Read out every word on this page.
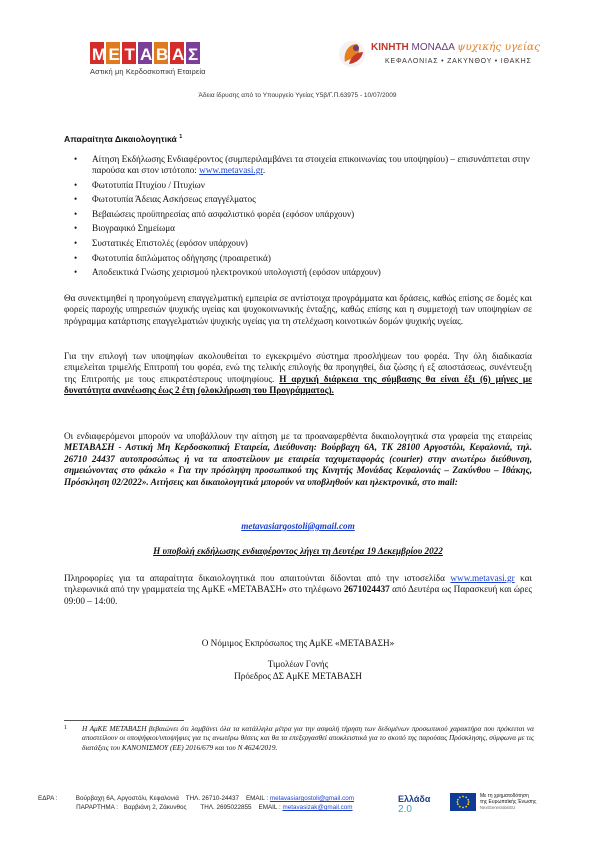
Μ Ε Τ Α Β Α Σ
Αστική μη Κερδοσκοπική Εταιρεία
ΚΙΝΗΤΗ ΜΟΝΑΔΑ ψυχικής υγείας
ΚΕΦΑΛΟΝΙΑΣ • ΖΑΚΥΝΘΟΥ • ΙΘΑΚΗΣ
Άδεια ίδρυσης από το Υπουργείο Υγείας Υ5β/Γ.Π.63975 - 10/07/2009
Απαραίτητα Δικαιολογητικά $^1$
• Αίτηση Εκδήλωσης Ενδιαφέροντος (συμπεριλαμβάνει τα στοιχεία επικοινωνίας του υποψηφίου) – επισυνάπτεται στην παρούσα και στον ιστότοπο: www.metavasi.gr.
• Φωτοτυπία Πτυχίου / Πτυχίων
• Φωτοτυπία Άδειας Ασκήσεως επαγγέλματος
• Βεβαιώσεις προϋπηρεσίας από ασφαλιστικό φορέα (εφόσον υπάρχουν)
• Βιογραφικό Σημείωμα
• Συστατικές Επιστολές (εφόσον υπάρχουν)
• Φωτοτυπία διπλώματος οδήγησης (προαιρετικά)
• Αποδεικτικά Γνώσης χειρισμού ηλεκτρονικού υπολογιστή (εφόσον υπάρχουν)
Θα συνεκτιμηθεί η προηγούμενη επαγγελματική εμπειρία σε αντίστοιχα προγράμματα και δράσεις, καθώς επίσης σε δομές και φορείς παροχής υπηρεσιών ψυχικής υγείας και ψυχοκοινωνικής ένταξης, καθώς επίσης και η συμμετοχή των υποψηφίων σε πρόγραμμα κατάρτισης επαγγελματιών ψυχικής υγείας για τη στελέχωση κοινοτικών δομών ψυχικής υγείας.
Για την επιλογή των υποψηφίων ακολουθείται το εγκεκριμένο σύστημα προσλήψεων του φορέα. Την όλη διαδικασία επιμελείται τριμελής Επιτροπή του φορέα, ενώ της τελικής επιλογής θα προηγηθεί, δια ζώσης ή εξ αποστάσεως, συνέντευξη της Επιτροπής με τους επικρατέστερους υποψηφίους. Η αρχική διάρκεια της σύμβασης θα είναι έξι (6) μήνες με δυνατότητα ανανέωσης έως 2 έτη (ολοκλήρωση του Προγράμματος).
Οι ενδιαφερόμενοι μπορούν να υποβάλλουν την αίτηση με τα προαναφερθέντα δικαιολογητικά στα γραφεία της εταιρείας ΜΕΤΑΒΑΣΗ - Αστική Μη Κερδοσκοπική Εταιρεία, Διεύθυνση: Βούρβαχη 6Α, ΤΚ 28100 Αργοστόλι, Κεφαλονιά, τηλ. 26710 24437 αυτοπροσώπως ή να τα αποστείλουν με εταιρεία ταχυμεταφοράς (courier) στην ανωτέρω διεύθυνση, σημειώνοντας στο φάκελο « Για την πρόσληψη προσωπικού της Κινητής Μονάδας Κεφαλονιάς – Ζακύνθου – Ιθάκης, Πρόσκληση 02/2022». Αιτήσεις και δικαιολογητικά μπορούν να υποβληθούν και ηλεκτρονικά, στο mail:
metavasiargostoli@gmail.com
Η υποβολή εκδήλωσης ενδιαφέροντος λήγει τη Δευτέρα 19 Δεκεμβρίου 2022
Πληροφορίες για τα απαραίτητα δικαιολογητικά που απαιτούνται δίδονται από την ιστοσελίδα www.metavasi.gr και τηλεφωνικά από την γραμματεία της ΑμΚΕ «ΜΕΤΑΒΑΣΗ» στο τηλέφωνο 2671024437 από Δευτέρα ως Παρασκευή και ώρες 09:00 – 14:00.
Ο Νόμιμος Εκπρόσωπος της ΑμΚΕ «ΜΕΤΑΒΑΣΗ»
Τιμολέων Γονής
Πρόεδρος ΔΣ ΑμΚΕ ΜΕΤΑΒΑΣΗ
1	Η ΑμΚΕ ΜΕΤΑΒΑΣΗ βεβαιώνει ότι λαμβάνει όλα τα κατάλληλα μέτρα για την ασφαλή τήρηση των δεδομένων προσωπικού χαρακτήρα που πρόκειται να αποστείλουν οι υποψήφιοι/υποψήφιες για τις ανωτέρω θέσεις και θα τα επεξεργασθεί αποκλειστικά για το σκοπό της παρούσας Πρόσκλησης, σύμφωνα με τις διατάξεις του ΚΑΝΟΝΙΣΜΟΥ (ΕΕ) 2016/679 και του Ν 4624/2019.
ΕΔΡΑ :	Βούρβαχη 6Α, Αργοστόλι, Κεφαλονιά ΤΗΛ. 26710-24437 EMAIL : metavasiargostoli@gmail.com
ΠΑΡΑΡΤΗΜΑ : Βαρβιάνη 2, Ζάκυνθος ΤΗΛ. 2695022855 EMAIL : metavasizak@gmail.com
Ελλάδα 2.0
Με τη χρηματοδότηση
της Ευρωπαϊκής Ένωσης
NextGenerationEU
